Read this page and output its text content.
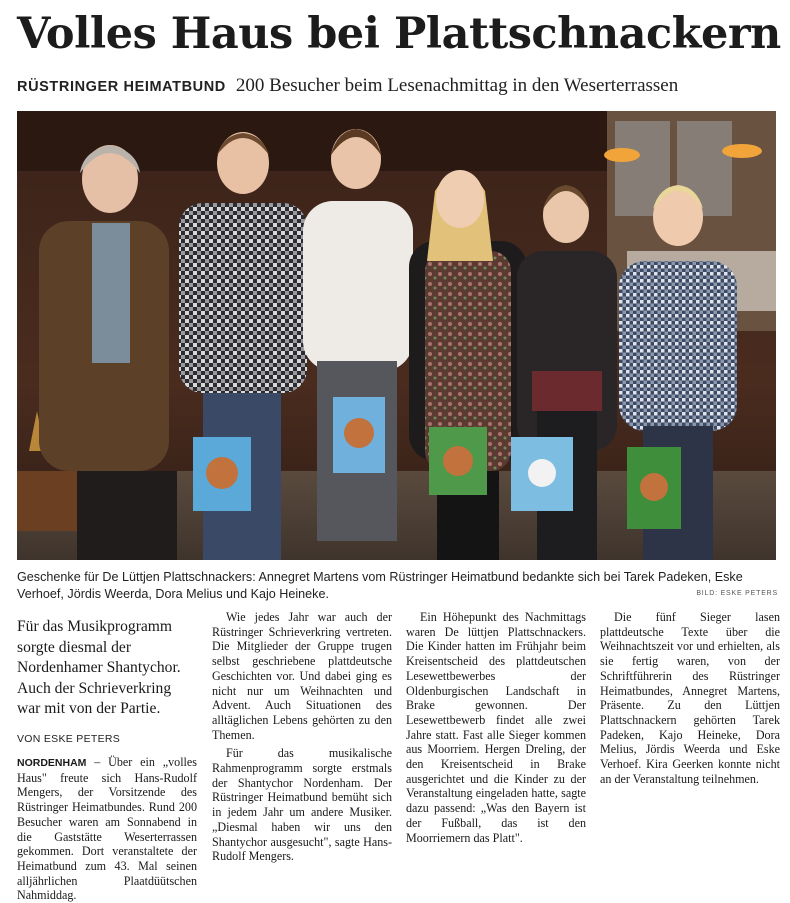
Volles Haus bei Plattschnackern
RÜSTRINGER HEIMATBUND 200 Besucher beim Lesenachmittag in den Weserterrassen
Geschenke für De Lüttjen Plattschnackers: Annegret Martens vom Rüstringer Heimatbund bedankte sich bei Tarek Padeken, Eske Verhoef, Jördis Weerda, Dora Melius und Kajo Heineke.	BILD: ESKE PETERS
Für das Musikprogramm sorgte diesmal der Nordenhamer Shantychor. Auch der Schrieverkring war mit von der Partie.
VON ESKE PETERS

NORDENHAM – Über ein „volles Haus" freute sich Hans-Rudolf Mengers, der Vorsitzende des Rüstringer Heimatbundes. Rund 200 Besucher waren am Sonnabend in die Gaststätte Weserterrassen gekommen. Dort veranstaltete der Heimatbund zum 43. Mal seinen alljährlichen Plaatdüütschen Nahmiddag.

Wie jedes Jahr war auch der Rüstringer Schrieverkring vertreten. Die Mitglieder der Gruppe trugen selbst geschriebene plattdeutsche Geschichten vor. Und dabei ging es nicht nur um Weihnachten und Advent. Auch Situationen des alltäglichen Lebens gehörten zu den Themen.

Für das musikalische Rahmenprogramm sorgte erstmals der Shantychor Nordenham. Der Rüstringer Heimatbund bemüht sich in jedem Jahr um andere Musiker. „Diesmal haben wir uns den Shantychor ausgesucht", sagte Hans-Rudolf Mengers.

Ein Höhepunkt des Nachmittags waren De lüttjen Plattschnackers. Die Kinder hatten im Frühjahr beim Kreisentscheid des plattdeutschen Lesewettbewerbes der Oldenburgischen Landschaft in Brake gewonnen. Der Lesewettbewerb findet alle zwei Jahre statt. Fast alle Sieger kommen aus Moorriem. Hergen Dreling, der den Kreisentscheid in Brake ausgerichtet und die Kinder zu der Veranstaltung eingeladen hatte, sagte dazu passend: „Was den Bayern ist der Fußball, das ist den Moorriemern das Platt".

Die fünf Sieger lasen plattdeutsche Texte über die Weihnachtszeit vor und erhielten, als sie fertig waren, von der Schriftführerin des Rüstringer Heimatbundes, Annegret Martens, Präsente. Zu den Lüttjen Plattschnackern gehörten Tarek Padeken, Kajo Heineke, Dora Melius, Jördis Weerda und Eske Verhoef. Kira Geerken konnte nicht an der Veranstaltung teilnehmen.
